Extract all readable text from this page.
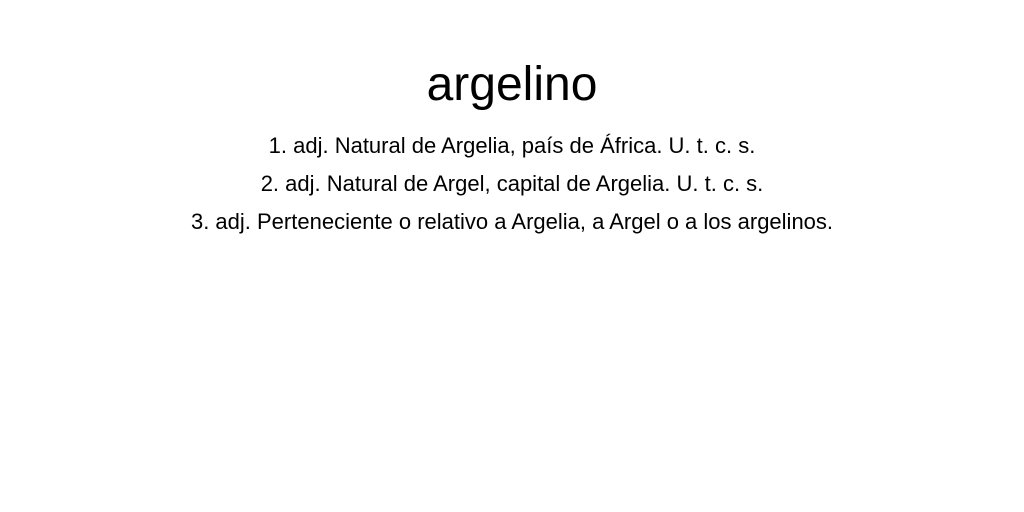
argelino
1. adj. Natural de Argelia, país de África. U. t. c. s.
2. adj. Natural de Argel, capital de Argelia. U. t. c. s.
3. adj. Perteneciente o relativo a Argelia, a Argel o a los argelinos.
